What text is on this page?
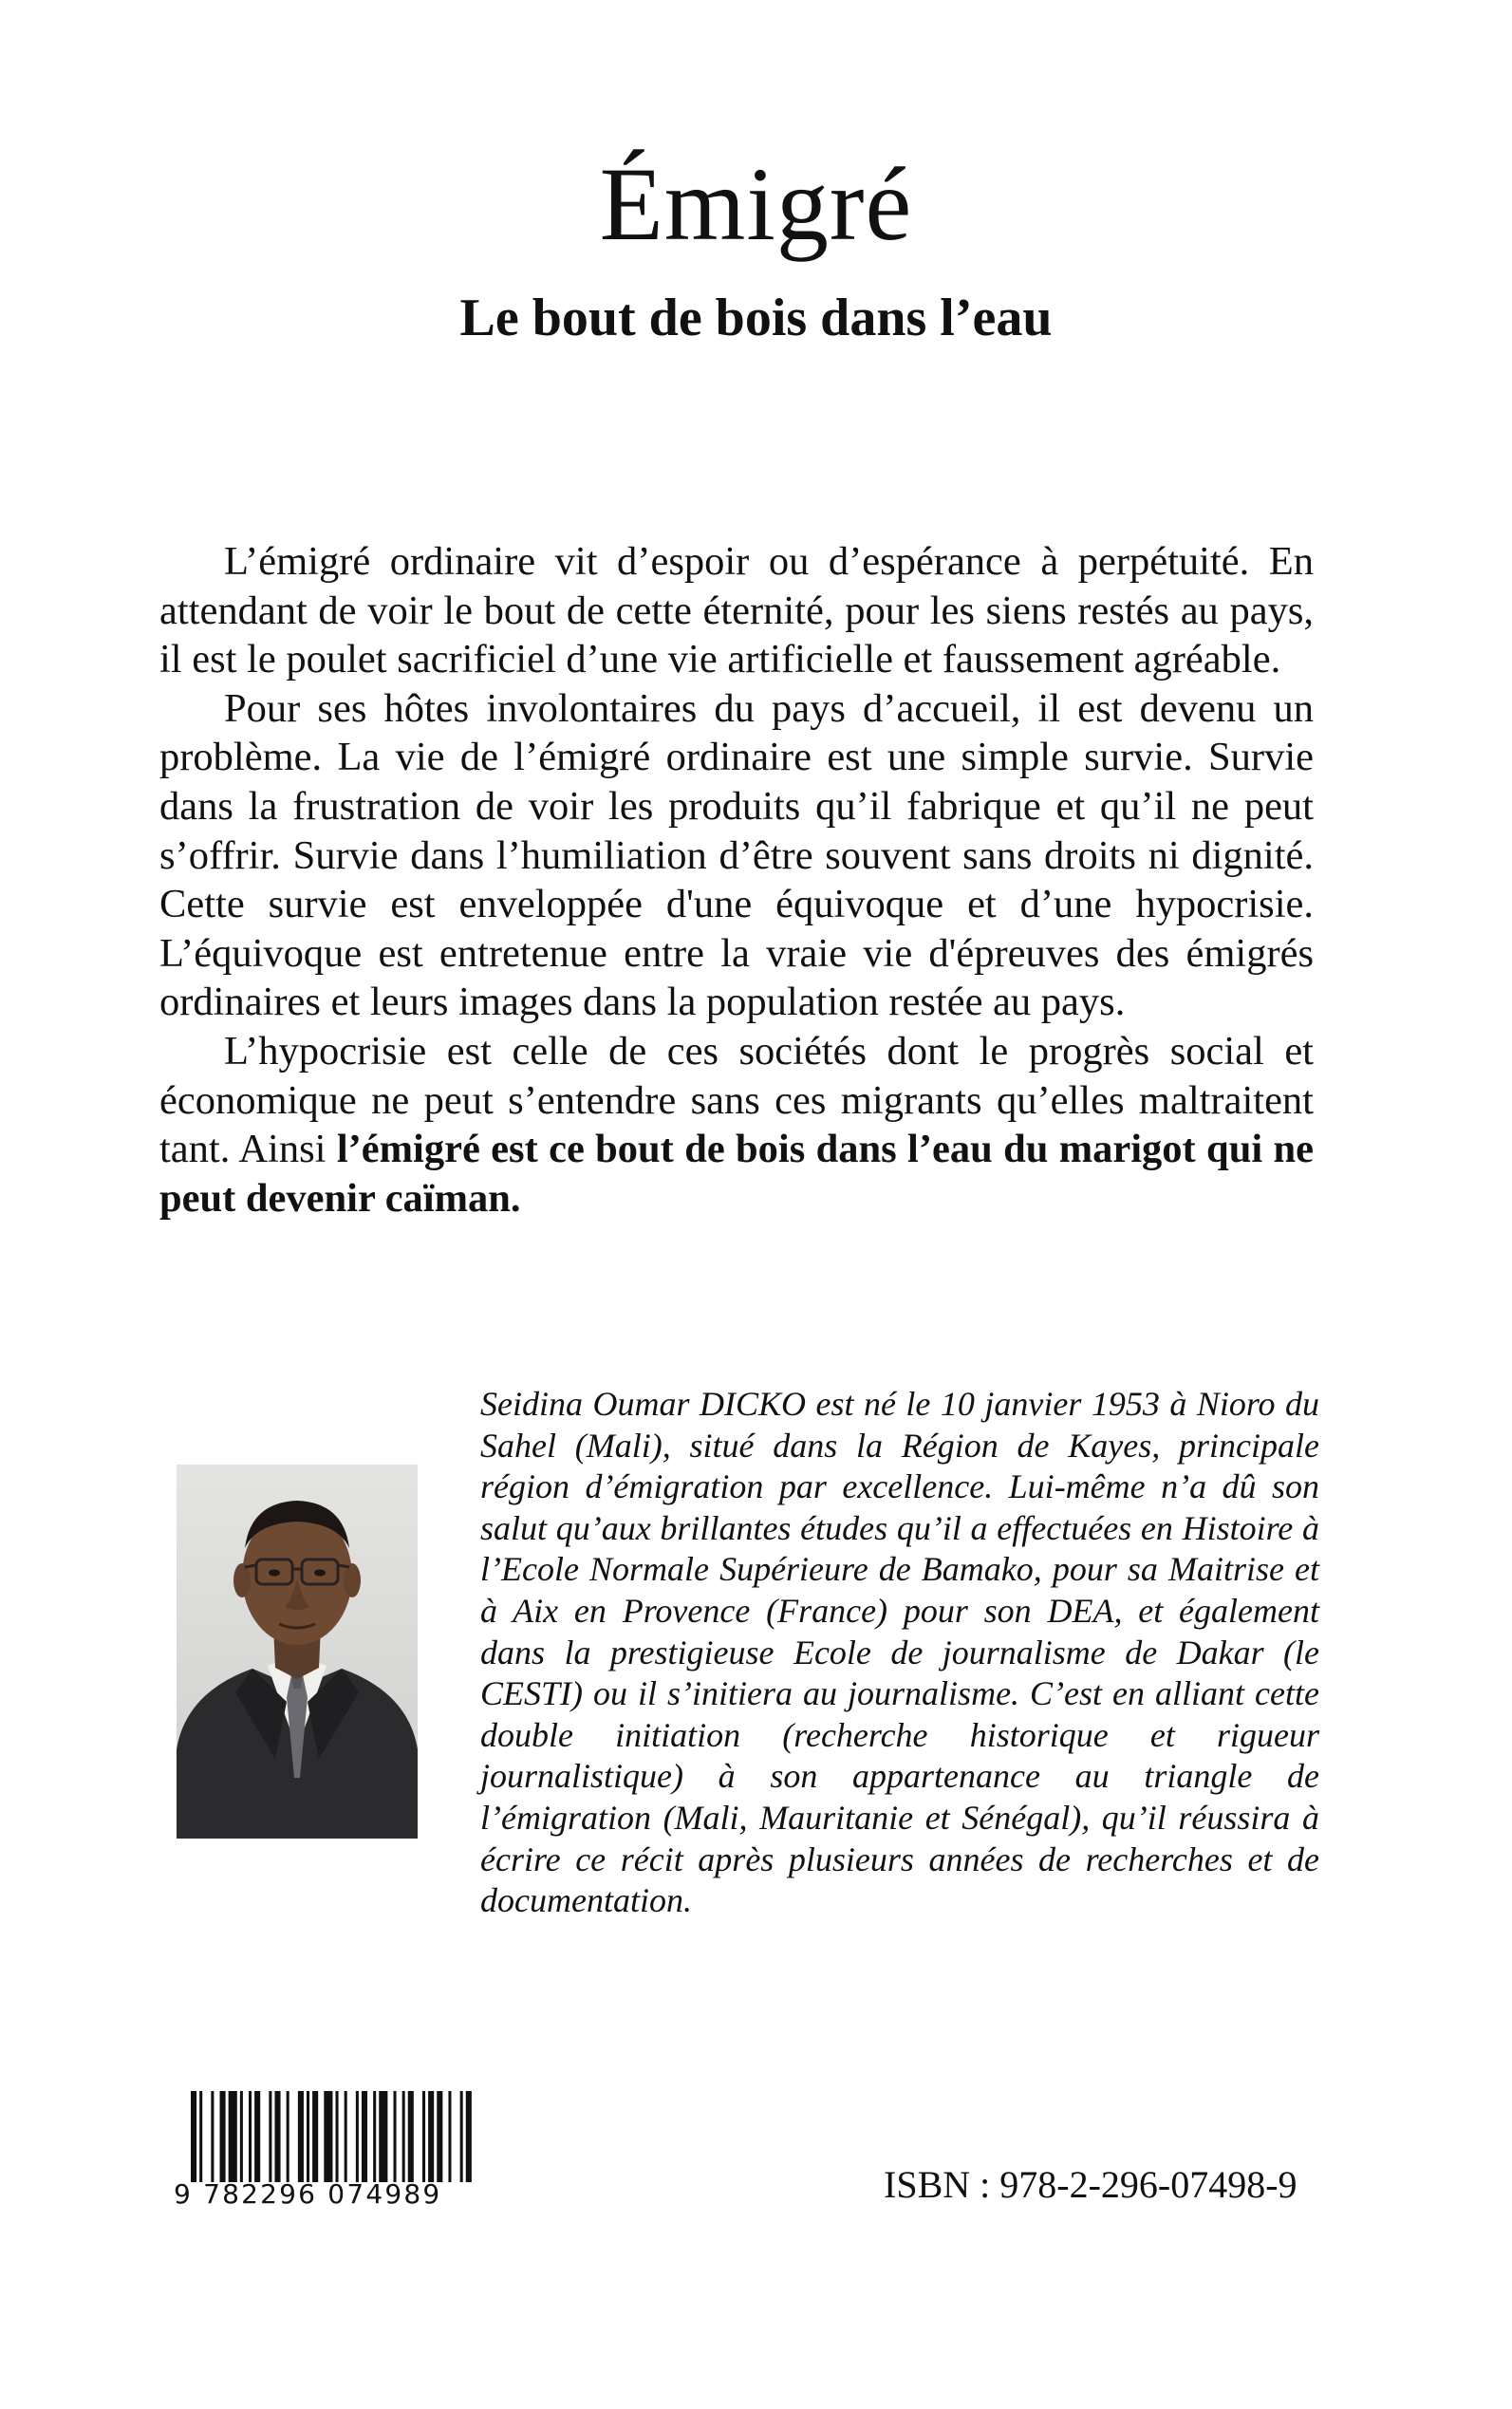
Émigré
Le bout de bois dans l’eau

L’émigré ordinaire vit d’espoir ou d’espérance à perpétuité. En attendant de voir le bout de cette éternité, pour les siens restés au pays, il est le poulet sacrificiel d’une vie artificielle et faussement agréable.

Pour ses hôtes involontaires du pays d’accueil, il est devenu un problème. La vie de l’émigré ordinaire est une simple survie. Survie dans la frustration de voir les produits qu’il fabrique et qu’il ne peut s’offrir. Survie dans l’humiliation d’être souvent sans droits ni dignité. Cette survie est enveloppée d'une équivoque et d’une hypocrisie. L’équivoque est entretenue entre la vraie vie d'épreuves des émigrés ordinaires et leurs images dans la population restée au pays.

L’hypocrisie est celle de ces sociétés dont le progrès social et économique ne peut s’entendre sans ces migrants qu’elles maltraitent tant. Ainsi l’émigré est ce bout de bois dans l’eau du marigot qui ne peut devenir caïman.

Seidina Oumar DICKO est né le 10 janvier 1953 à Nioro du Sahel (Mali), situé dans la Région de Kayes, principale région d’émigration par excellence. Lui-même n’a dû son salut qu’aux brillantes études qu’il a effectuées en Histoire à l’Ecole Normale Supérieure de Bamako, pour sa Maitrise et à Aix en Provence (France) pour son DEA, et également dans la prestigieuse Ecole de journalisme de Dakar (le CESTI) ou il s’initiera au journalisme. C’est en alliant cette double initiation (recherche historique et rigueur journalistique) à son appartenance au triangle de l’émigration (Mali, Mauritanie et Sénégal), qu’il réussira à écrire ce récit après plusieurs années de recherches et de documentation.

9 782296 074989	ISBN : 978-2-296-07498-9
